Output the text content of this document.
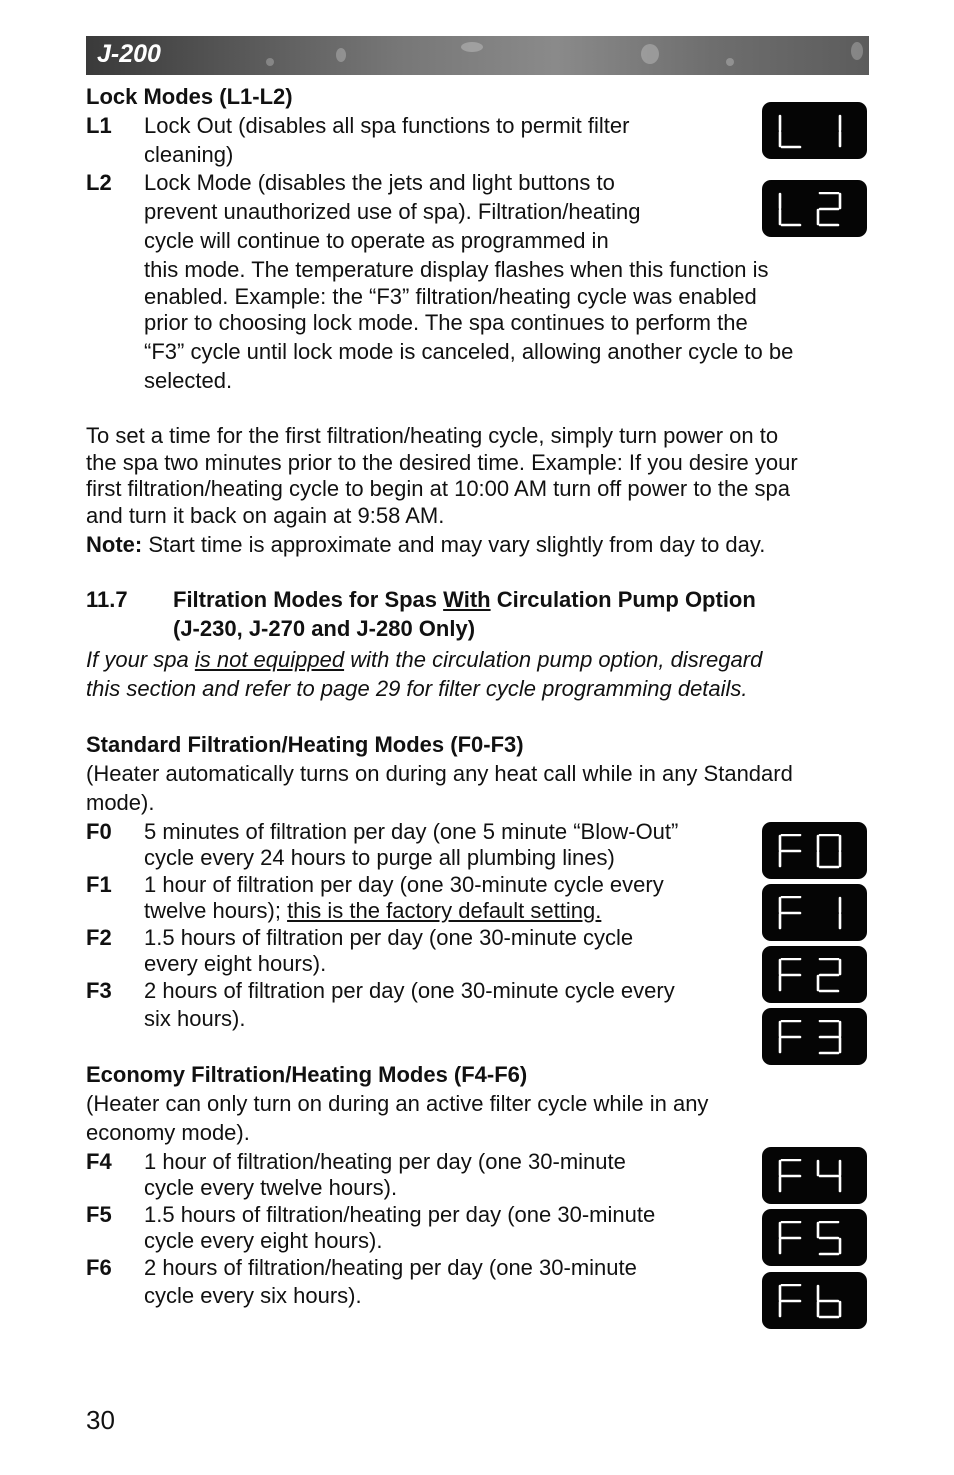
J-200
Lock Modes (L1-L2)
L1 Lock Out (disables all spa functions to permit filter
cleaning)
L2 Lock Mode (disables the jets and light buttons to
prevent unauthorized use of spa). Filtration/heating
cycle will continue to operate as programmed in
this mode. The temperature display flashes when this function is
enabled. Example: the “F3” filtration/heating cycle was enabled
prior to choosing lock mode. The spa continues to perform the
“F3” cycle until lock mode is canceled, allowing another cycle to be
selected.
To set a time for the first filtration/heating cycle, simply turn power on to
the spa two minutes prior to the desired time. Example: If you desire your
first filtration/heating cycle to begin at 10:00 AM turn off power to the spa
and turn it back on again at 9:58 AM.
Note: Start time is approximate and may vary slightly from day to day.
11.7 Filtration Modes for Spas With Circulation Pump Option
(J-230, J-270 and J-280 Only)
If your spa is not equipped with the circulation pump option, disregard
this section and refer to page 29 for filter cycle programming details.
Standard Filtration/Heating Modes (F0-F3)
(Heater automatically turns on during any heat call while in any Standard
mode).
F0 5 minutes of filtration per day (one 5 minute “Blow-Out”
cycle every 24 hours to purge all plumbing lines)
F1 1 hour of filtration per day (one 30-minute cycle every
twelve hours); this is the factory default setting.
F2 1.5 hours of filtration per day (one 30-minute cycle
every eight hours).
F3 2 hours of filtration per day (one 30-minute cycle every
six hours).
Economy Filtration/Heating Modes (F4-F6)
(Heater can only turn on during an active filter cycle while in any
economy mode).
F4 1 hour of filtration/heating per day (one 30-minute
cycle every twelve hours).
F5 1.5 hours of filtration/heating per day (one 30-minute
cycle every eight hours).
F6 2 hours of filtration/heating per day (one 30-minute
cycle every six hours).
30
